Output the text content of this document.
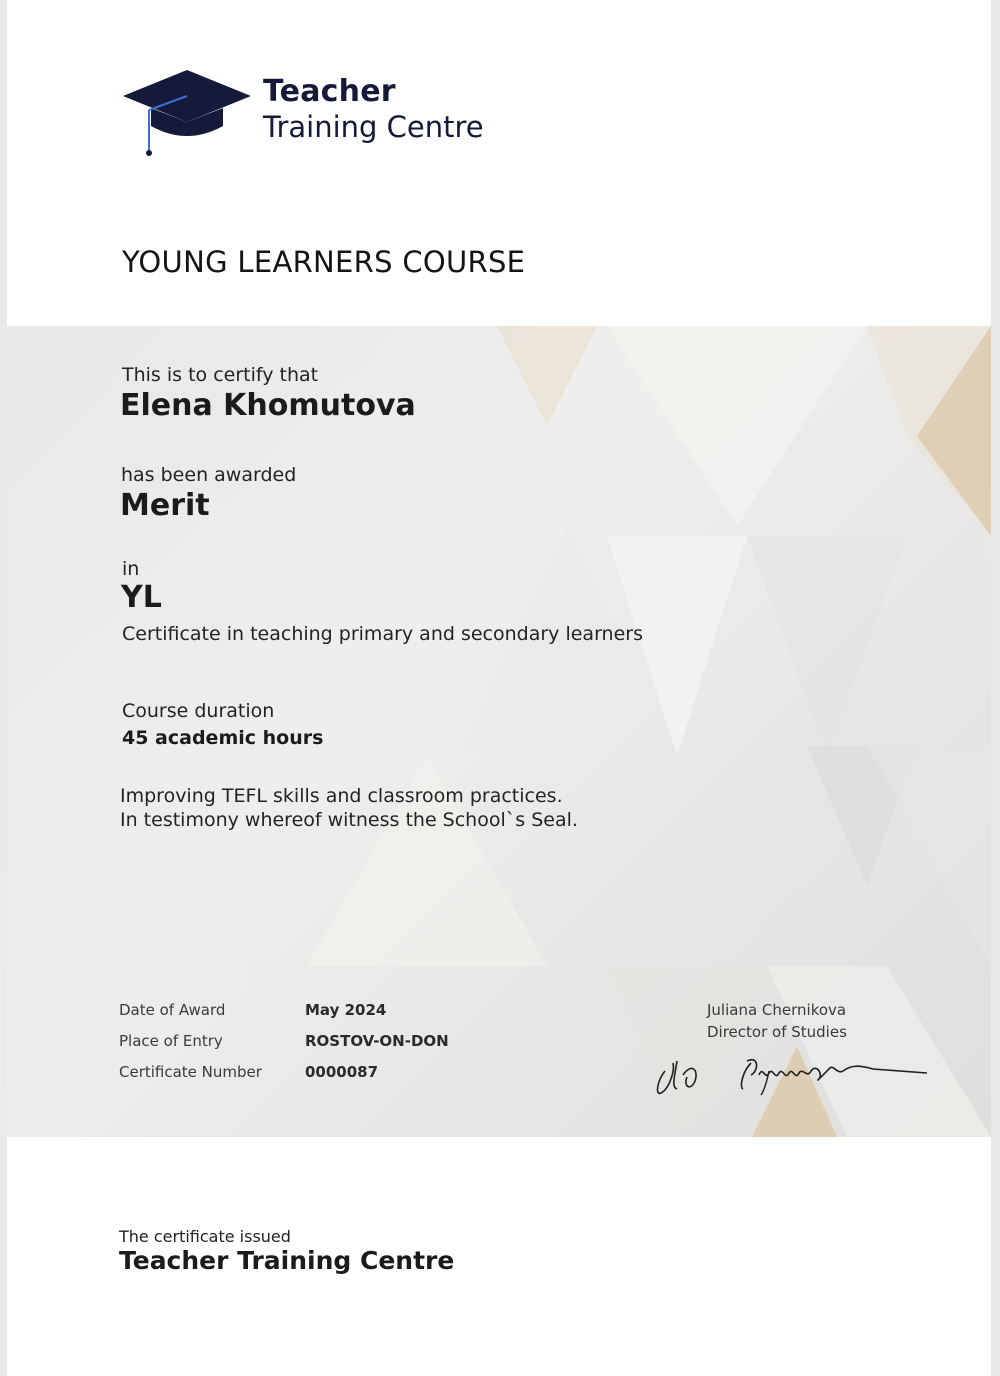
Teacher
Training Centre
YOUNG LEARNERS COURSE
This is to certify that
Elena Khomutova
has been awarded
Merit
in
YL
Certificate in teaching primary and secondary learners
Course duration
45 academic hours
Improving TEFL skills and classroom practices.
In testimony whereof witness the School`s Seal.
Date of Award	May 2024
Place of Entry	ROSTOV-ON-DON
Certificate Number	0000087
Juliana Chernikova
Director of Studies
The certificate issued
Teacher Training Centre
